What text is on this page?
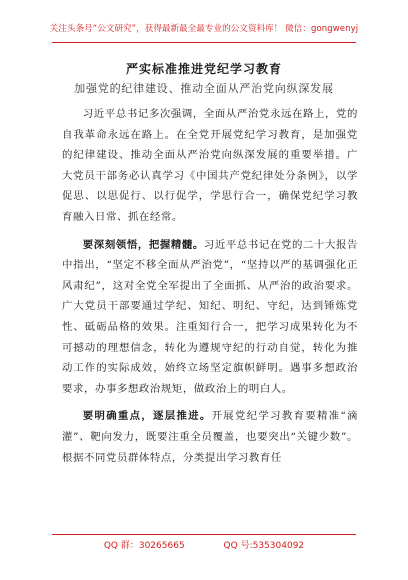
关注头条号“公文研究”，获得最新最全最专业的公文资料库！ 微信：gongwenyj
严实标准推进党纪学习教育
加强党的纪律建设、推动全面从严治党向纵深发展

习近平总书记多次强调，全面从严治党永远在路上，党的自我革命永远在路上。在全党开展党纪学习教育，是加强党的纪律建设、推动全面从严治党向纵深发展的重要举措。广大党员干部务必认真学习《中国共产党纪律处分条例》，以学促思、以思促行、以行促学，学思行合一，确保党纪学习教育融入日常、抓在经常。

要深刻领悟，把握精髓。习近平总书记在党的二十大报告中指出，“坚定不移全面从严治党”，“坚持以严的基调强化正风肃纪”，这对全党全军提出了全面抓、从严治的政治要求。广大党员干部要通过学纪、知纪、明纪、守纪，达到锤炼党性、砥砺品格的效果。注重知行合一，把学习成果转化为不可撼动的理想信念，转化为遵规守纪的行动自觉，转化为推动工作的实际成效，始终立场坚定旗帜鲜明。遇事多想政治要求，办事多想政治规矩，做政治上的明白人。

要明确重点，逐层推进。开展党纪学习教育要精准“滴灌”、靶向发力，既要注重全员覆盖，也要突出“关键少数”。根据不同党员群体特点，分类提出学习教育任

QQ 群：30265665	QQ 号:535304092
